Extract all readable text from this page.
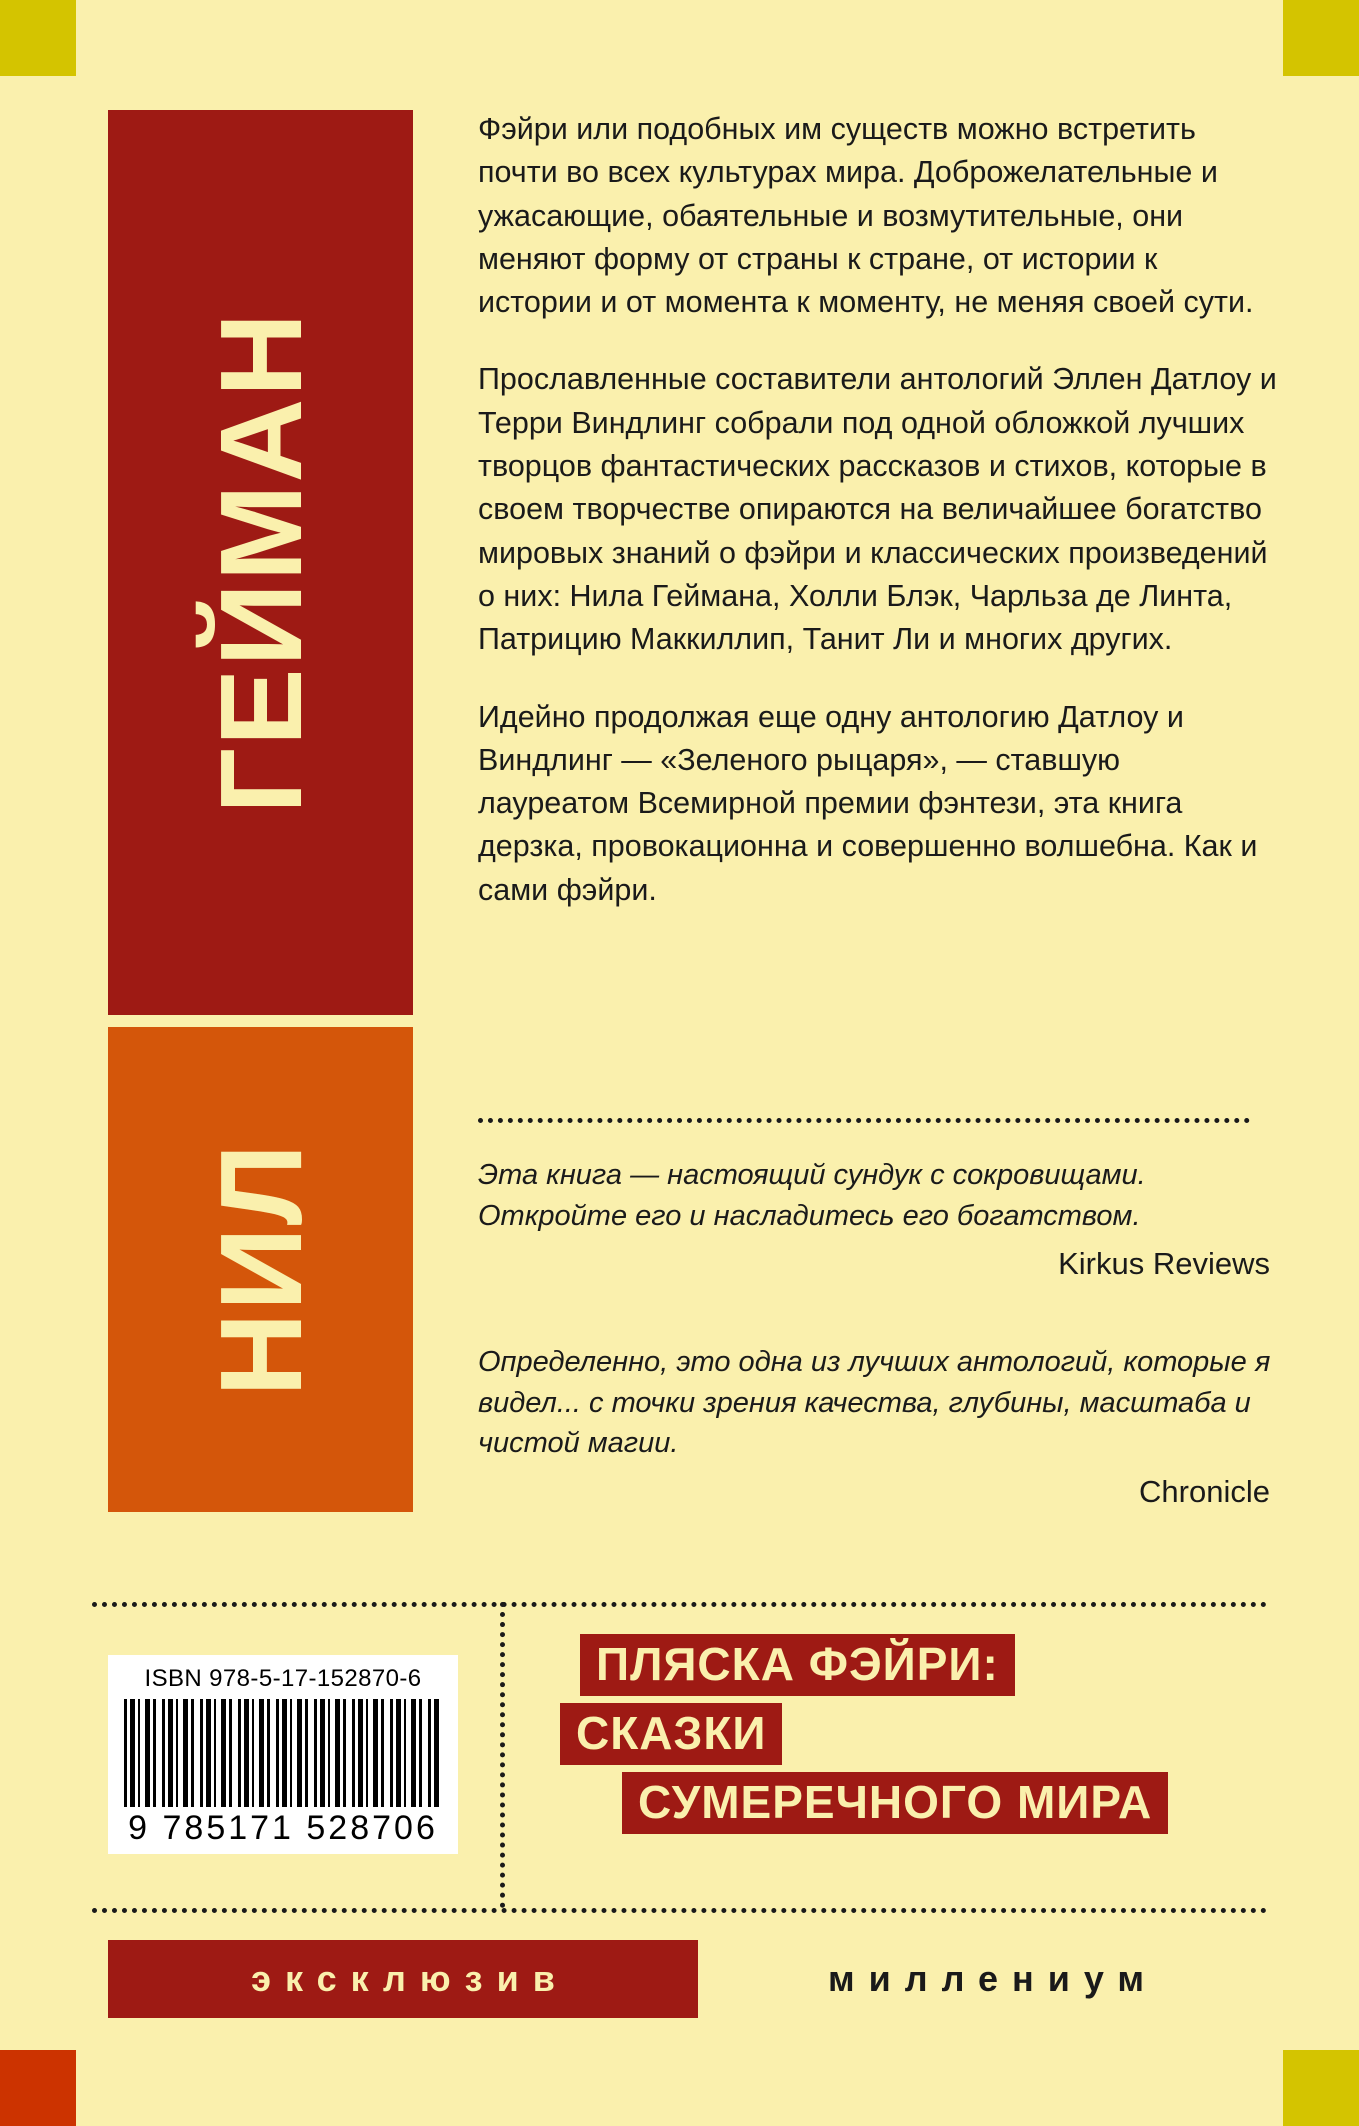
ГЕЙМАН
НИЛ

Фэйри или подобных им существ можно встретить почти во всех культурах мира. Доброжелательные и ужасающие, обаятельные и возмутительные, они меняют форму от страны к стране, от истории к истории и от момента к моменту, не меняя своей сути.

Прославленные составители антологий Эллен Датлоу и Терри Виндлинг собрали под одной обложкой лучших творцов фантастических рассказов и стихов, которые в своем творчестве опираются на величайшее богатство мировых знаний о фэйри и классических произведений о них: Нила Геймана, Холли Блэк, Чарльза де Линта, Патрицию Маккиллип, Танит Ли и многих других.

Идейно продолжая еще одну антологию Датлоу и Виндлинг — «Зеленого рыцаря», — ставшую лауреатом Всемирной премии фэнтези, эта книга дерзка, провокационна и совершенно волшебна. Как и сами фэйри.

Эта книга — настоящий сундук с сокровищами. Откройте его и насладитесь его богатством.

Kirkus Reviews

Определенно, это одна из лучших антологий, которые я видел... с точки зрения качества, глубины, масштаба и чистой магии.

Chronicle

ISBN 978-5-17-152870-6
9 785171 528706
ПЛЯСКА ФЭЙРИ:
СКАЗКИ
СУМЕРЕЧНОГО МИРА
эксклюзив	миллениум
